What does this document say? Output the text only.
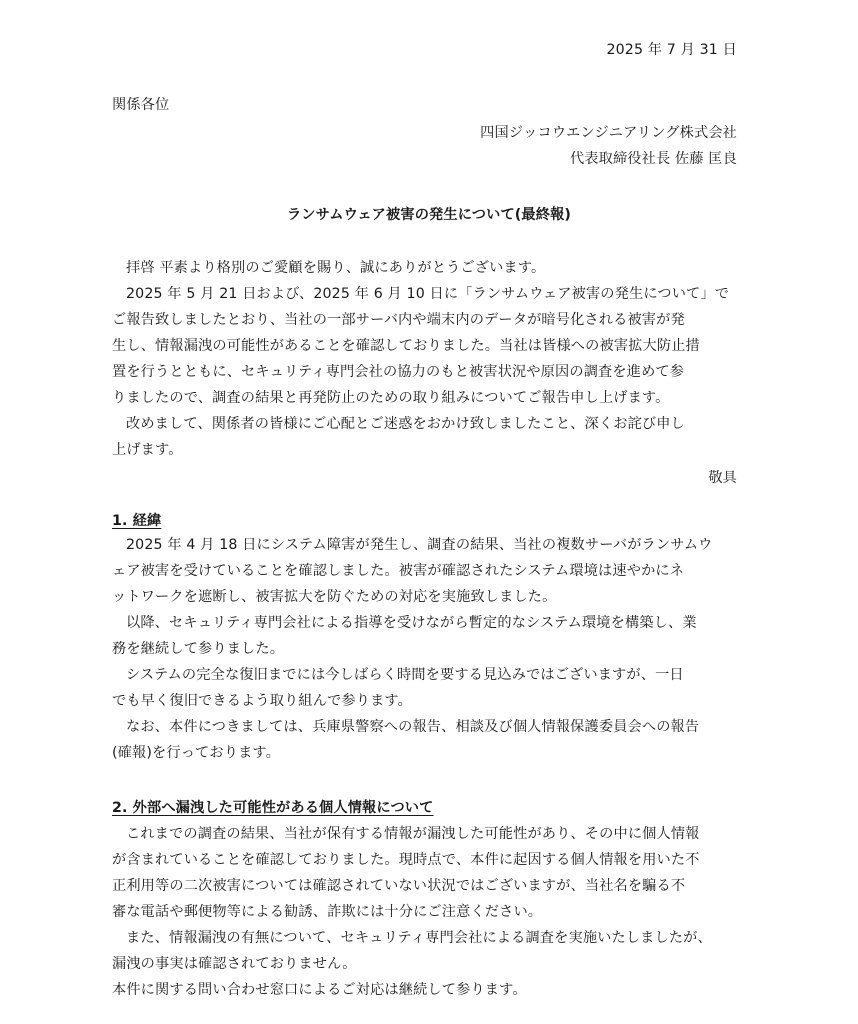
2025 年 7 月 31 日
関係各位
四国ジッコウエンジニアリング株式会社
代表取締役社長 佐藤 匡良
ランサムウェア被害の発生について(最終報)
拝啓 平素より格別のご愛顧を賜り、誠にありがとうございます。
2025 年 5 月 21 日および、2025 年 6 月 10 日に「ランサムウェア被害の発生について」で
ご報告致しましたとおり、当社の一部サーバ内や端末内のデータが暗号化される被害が発
生し、情報漏洩の可能性があることを確認しておりました。当社は皆様への被害拡大防止措
置を行うとともに、セキュリティ専門会社の協力のもと被害状況や原因の調査を進めて参
りましたので、調査の結果と再発防止のための取り組みについてご報告申し上げます。
改めまして、関係者の皆様にご心配とご迷惑をおかけ致しましたこと、深くお詫び申し
上げます。
敬具
1. 経緯
2025 年 4 月 18 日にシステム障害が発生し、調査の結果、当社の複数サーバがランサムウ
ェア被害を受けていることを確認しました。被害が確認されたシステム環境は速やかにネ
ットワークを遮断し、被害拡大を防ぐための対応を実施致しました。
以降、セキュリティ専門会社による指導を受けながら暫定的なシステム環境を構築し、業
務を継続して参りました。
システムの完全な復旧までには今しばらく時間を要する見込みではございますが、一日
でも早く復旧できるよう取り組んで参ります。
なお、本件につきましては、兵庫県警察への報告、相談及び個人情報保護委員会への報告
(確報)を行っております。
2. 外部へ漏洩した可能性がある個人情報について
これまでの調査の結果、当社が保有する情報が漏洩した可能性があり、その中に個人情報
が含まれていることを確認しておりました。現時点で、本件に起因する個人情報を用いた不
正利用等の二次被害については確認されていない状況ではございますが、当社名を騙る不
審な電話や郵便物等による勧誘、詐欺には十分にご注意ください。
また、情報漏洩の有無について、セキュリティ専門会社による調査を実施いたしましたが、
漏洩の事実は確認されておりません。
本件に関する問い合わせ窓口によるご対応は継続して参ります。
